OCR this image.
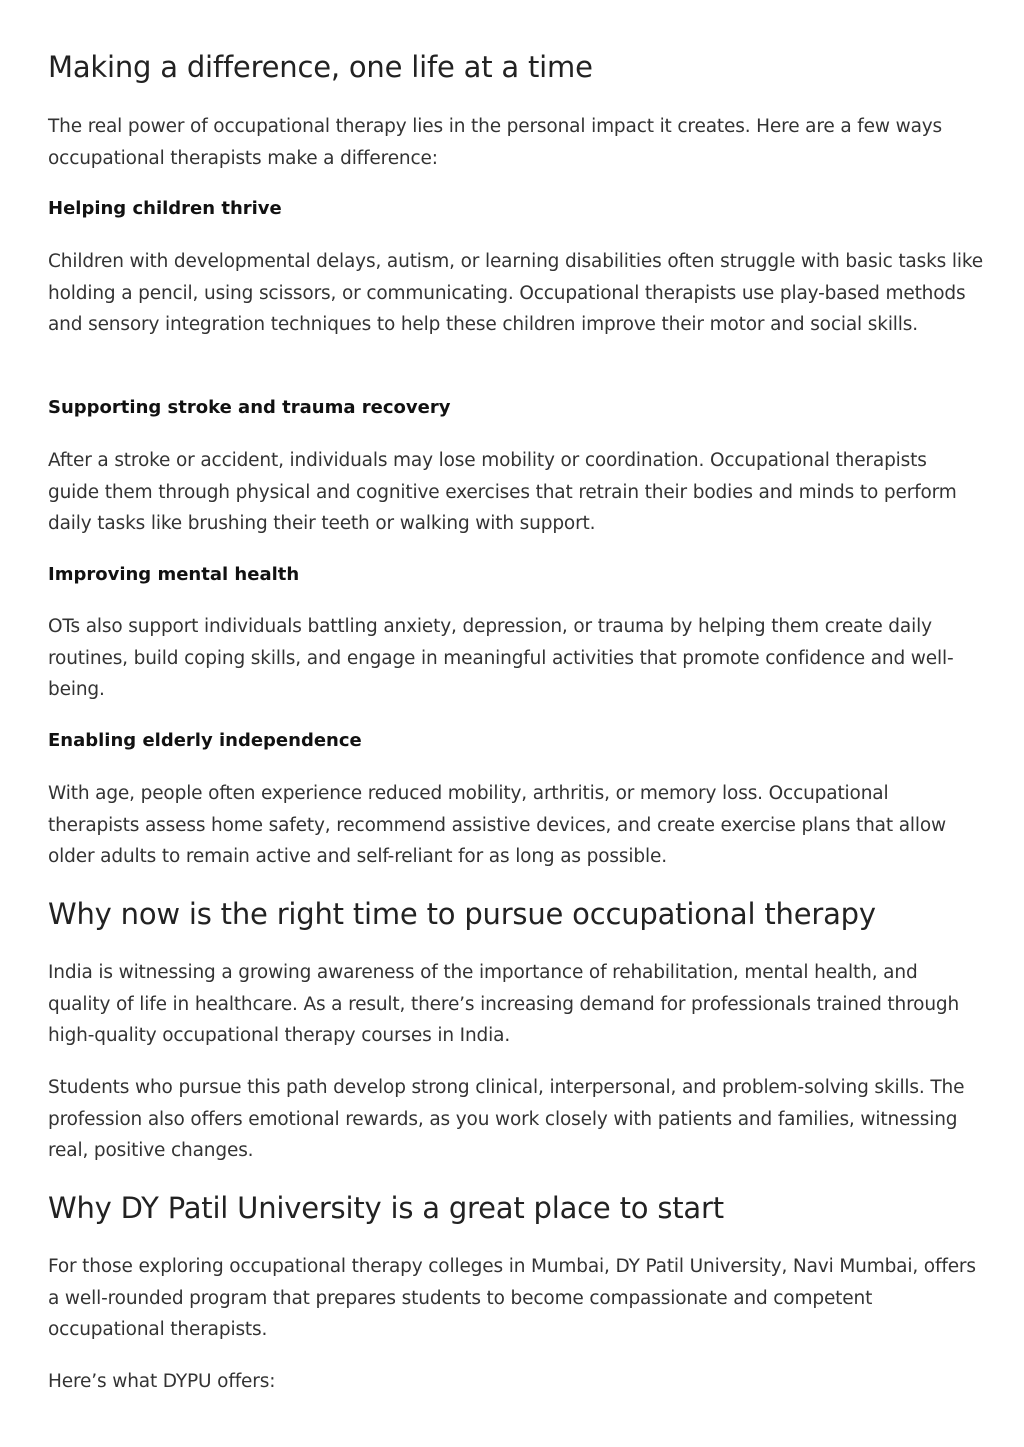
Making a difference, one life at a time

The real power of occupational therapy lies in the personal impact it creates. Here are a few ways occupational therapists make a difference:

Helping children thrive

Children with developmental delays, autism, or learning disabilities often struggle with basic tasks like holding a pencil, using scissors, or communicating. Occupational therapists use play-based methods and sensory integration techniques to help these children improve their motor and social skills.

Supporting stroke and trauma recovery

After a stroke or accident, individuals may lose mobility or coordination. Occupational therapists guide them through physical and cognitive exercises that retrain their bodies and minds to perform daily tasks like brushing their teeth or walking with support.

Improving mental health

OTs also support individuals battling anxiety, depression, or trauma by helping them create daily routines, build coping skills, and engage in meaningful activities that promote confidence and well-being.

Enabling elderly independence

With age, people often experience reduced mobility, arthritis, or memory loss. Occupational therapists assess home safety, recommend assistive devices, and create exercise plans that allow older adults to remain active and self-reliant for as long as possible.

Why now is the right time to pursue occupational therapy

India is witnessing a growing awareness of the importance of rehabilitation, mental health, and quality of life in healthcare. As a result, there’s increasing demand for professionals trained through high-quality occupational therapy courses in India.

Students who pursue this path develop strong clinical, interpersonal, and problem-solving skills. The profession also offers emotional rewards, as you work closely with patients and families, witnessing real, positive changes.

Why DY Patil University is a great place to start

For those exploring occupational therapy colleges in Mumbai, DY Patil University, Navi Mumbai, offers a well-rounded program that prepares students to become compassionate and competent occupational therapists.

Here’s what DYPU offers:
